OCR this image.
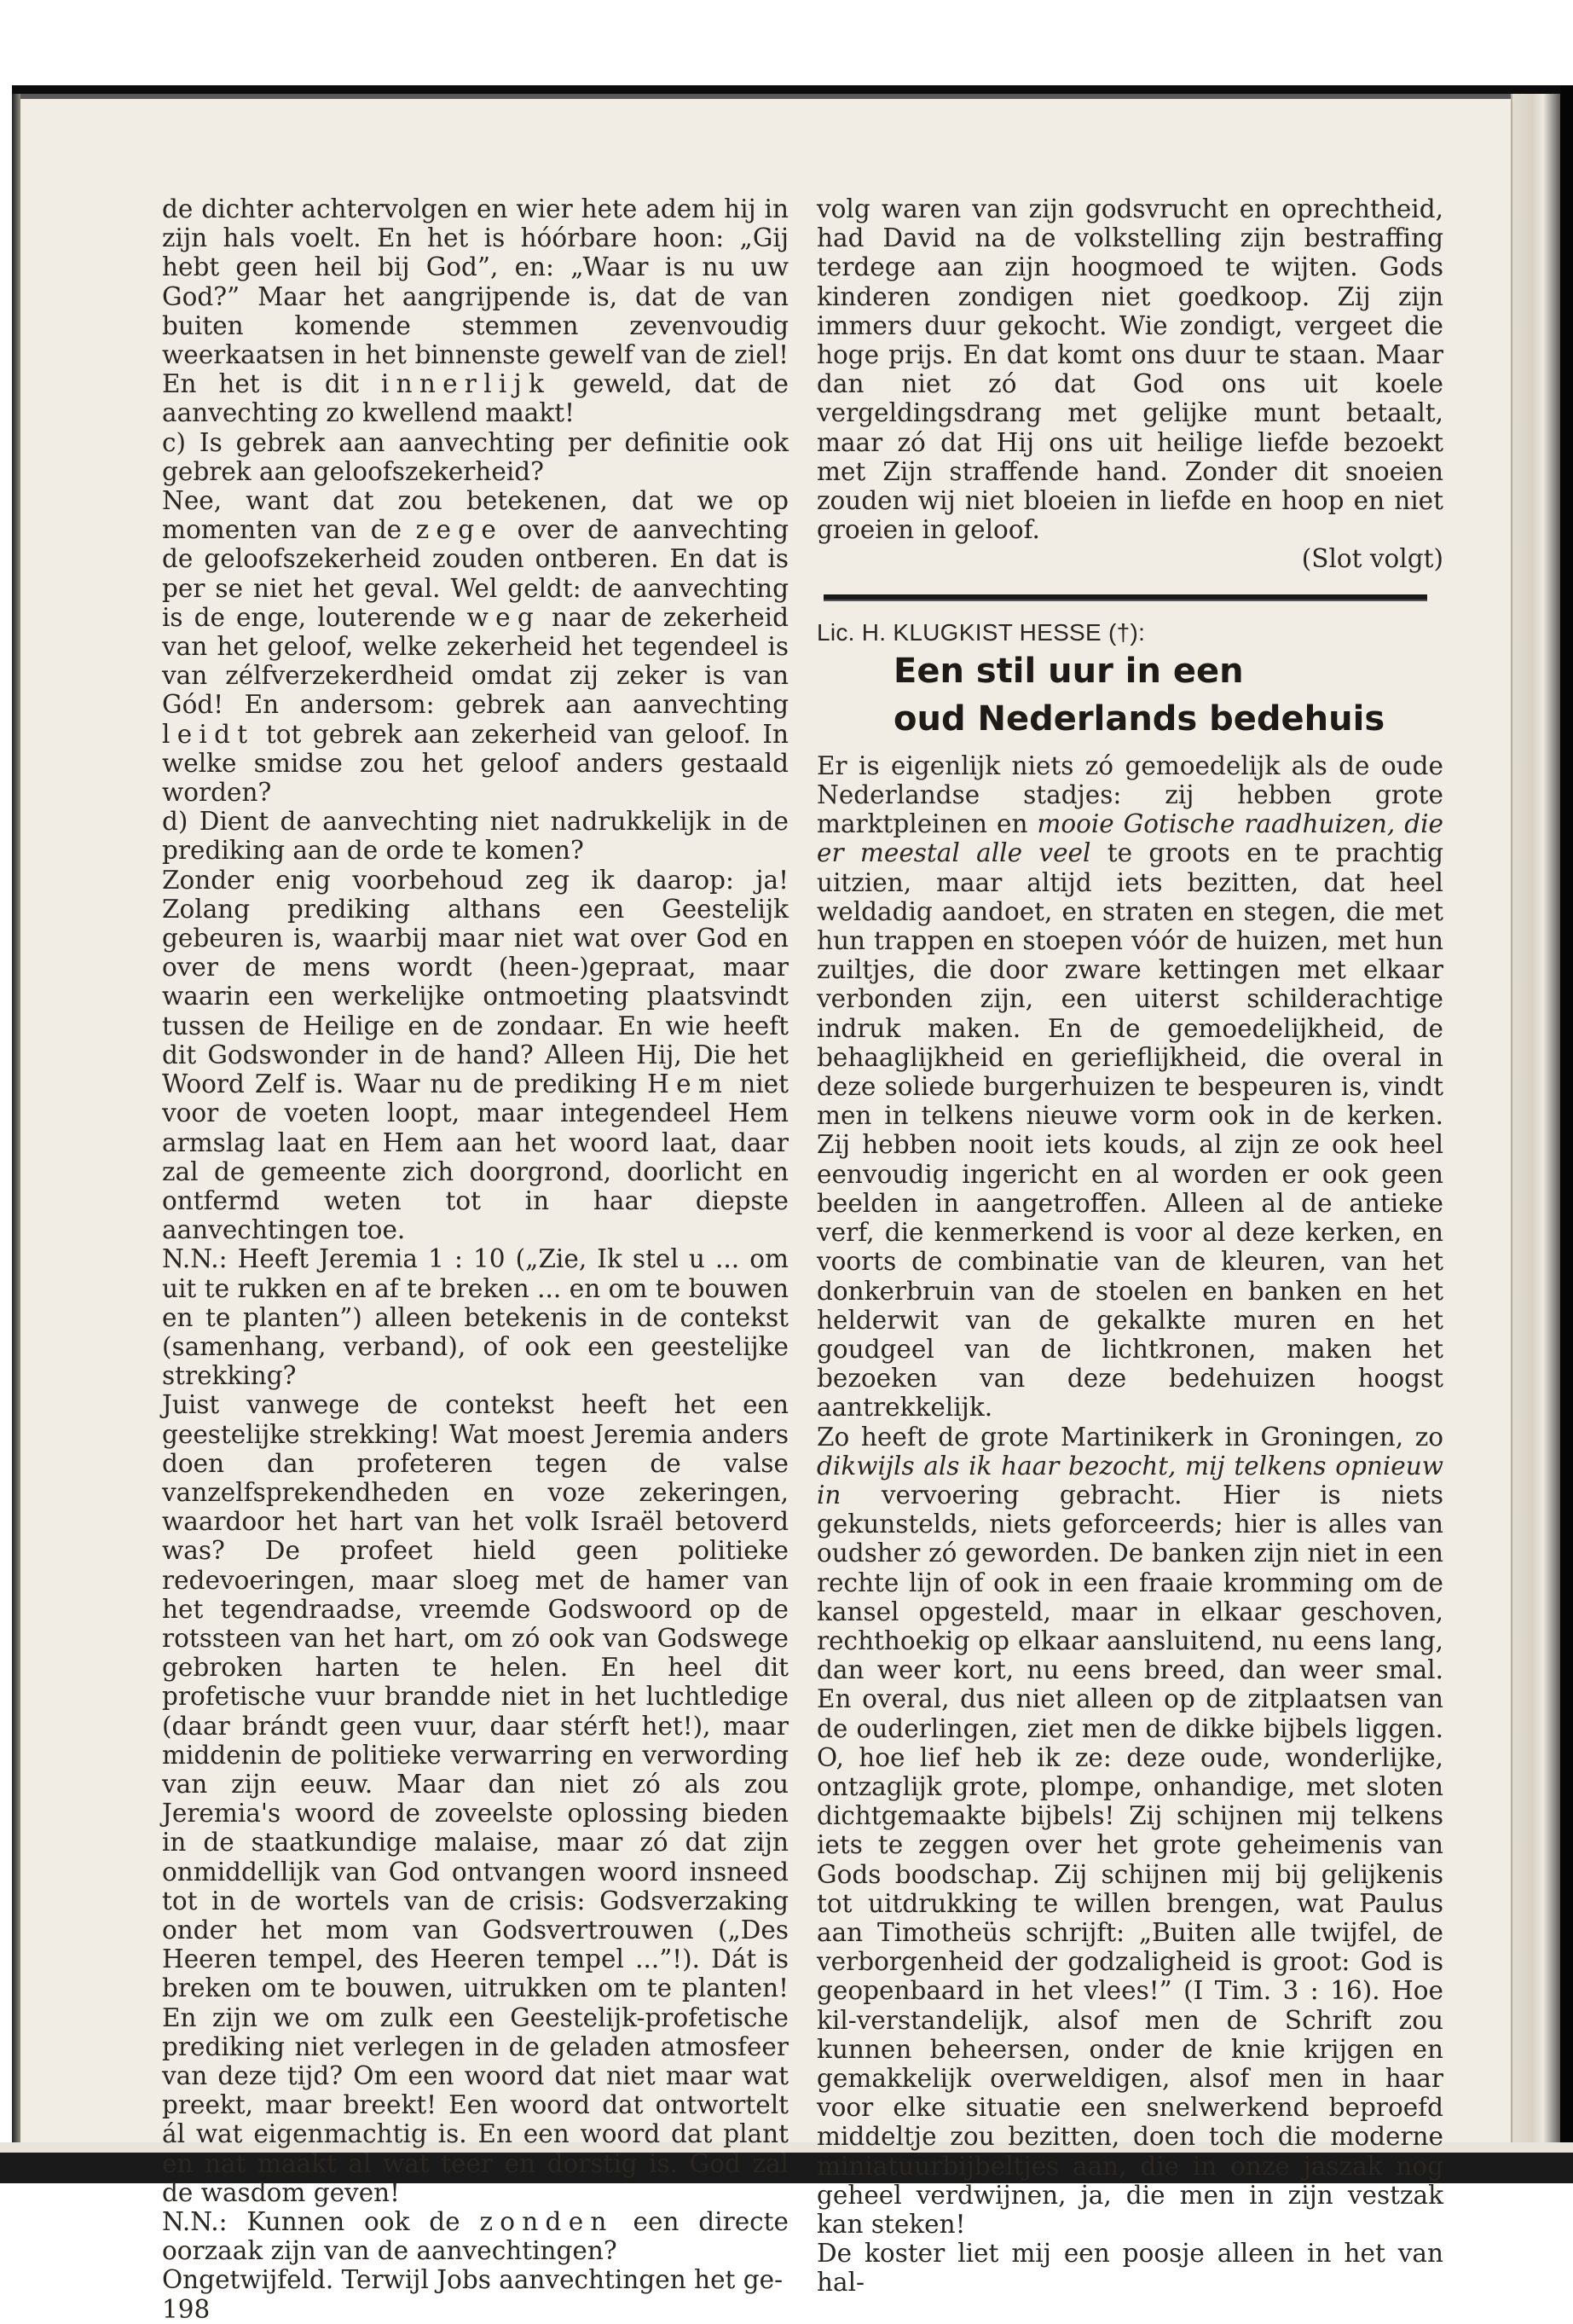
de dichter achtervolgen en wier hete adem hij in zijn hals voelt. En het is hóórbare hoon: „Gij hebt geen heil bij God”, en: „Waar is nu uw God?” Maar het aangrijpende is, dat de van buiten komende stemmen zevenvoudig weerkaatsen in het binnenste gewelf van de ziel! En het is dit innerlijk geweld, dat de aanvechting zo kwellend maakt!

c) Is gebrek aan aanvechting per definitie ook gebrek aan geloofszekerheid?

Nee, want dat zou betekenen, dat we op momenten van de zege over de aanvechting de geloofszekerheid zouden ontberen. En dat is per se niet het geval. Wel geldt: de aanvechting is de enge, louterende weg naar de zekerheid van het geloof, welke zekerheid het tegendeel is van zélfverzekerdheid omdat zij zeker is van Gód! En andersom: gebrek aan aanvechting leidt tot gebrek aan zekerheid van geloof. In welke smidse zou het geloof anders gestaald worden?

d) Dient de aanvechting niet nadrukkelijk in de prediking aan de orde te komen?

Zonder enig voorbehoud zeg ik daarop: ja! Zolang prediking althans een Geestelijk gebeuren is, waarbij maar niet wat over God en over de mens wordt (heen-)gepraat, maar waarin een werkelijke ontmoeting plaatsvindt tussen de Heilige en de zondaar. En wie heeft dit Godswonder in de hand? Alleen Hij, Die het Woord Zelf is. Waar nu de prediking Hem niet voor de voeten loopt, maar integendeel Hem armslag laat en Hem aan het woord laat, daar zal de gemeente zich doorgrond, doorlicht en ontfermd weten tot in haar diepste aanvechtingen toe.

N.N.: Heeft Jeremia 1 : 10 („Zie, Ik stel u ... om uit te rukken en af te breken ... en om te bouwen en te planten”) alleen betekenis in de contekst (samenhang, verband), of ook een geestelijke strekking?

Juist vanwege de contekst heeft het een geestelijke strekking! Wat moest Jeremia anders doen dan profeteren tegen de valse vanzelfsprekendheden en voze zekeringen, waardoor het hart van het volk Israël betoverd was? De profeet hield geen politieke redevoeringen, maar sloeg met de hamer van het tegendraadse, vreemde Godswoord op de rotssteen van het hart, om zó ook van Godswege gebroken harten te helen. En heel dit profetische vuur brandde niet in het luchtledige (daar brándt geen vuur, daar stérft het!), maar middenin de politieke verwarring en verwording van zijn eeuw. Maar dan niet zó als zou Jeremia's woord de zoveelste oplossing bieden in de staatkundige malaise, maar zó dat zijn onmiddellijk van God ontvangen woord insneed tot in de wortels van de crisis: Godsverzaking onder het mom van Godsvertrouwen („Des Heeren tempel, des Heeren tempel ...”!). Dát is breken om te bouwen, uitrukken om te planten! En zijn we om zulk een Geestelijk-profetische prediking niet verlegen in de geladen atmosfeer van deze tijd? Om een woord dat niet maar wat preekt, maar breekt! Een woord dat ontwortelt ál wat eigenmachtig is. En een woord dat plant en nat maakt al wat teer en dorstig is. God zal de wasdom geven!

N.N.: Kunnen ook de zonden een directe oorzaak zijn van de aanvechtingen?

Ongetwijfeld. Terwijl Jobs aanvechtingen het ge-

198

volg waren van zijn godsvrucht en oprechtheid, had David na de volkstelling zijn bestraffing terdege aan zijn hoogmoed te wijten. Gods kinderen zondigen niet goedkoop. Zij zijn immers duur gekocht. Wie zondigt, vergeet die hoge prijs. En dat komt ons duur te staan. Maar dan niet zó dat God ons uit koele vergeldingsdrang met gelijke munt betaalt, maar zó dat Hij ons uit heilige liefde bezoekt met Zijn straffende hand. Zonder dit snoeien zouden wij niet bloeien in liefde en hoop en niet groeien in geloof.

(Slot volgt)

Lic. H. KLUGKIST HESSE (†):

Een stil uur in een
oud Nederlands bedehuis

Er is eigenlijk niets zó gemoedelijk als de oude Nederlandse stadjes: zij hebben grote marktpleinen en mooie Gotische raadhuizen, die er meestal alle veel te groots en te prachtig uitzien, maar altijd iets bezitten, dat heel weldadig aandoet, en straten en stegen, die met hun trappen en stoepen vóór de huizen, met hun zuiltjes, die door zware kettingen met elkaar verbonden zijn, een uiterst schilderachtige indruk maken. En de gemoedelijkheid, de behaaglijkheid en gerieflijkheid, die overal in deze soliede burgerhuizen te bespeuren is, vindt men in telkens nieuwe vorm ook in de kerken. Zij hebben nooit iets kouds, al zijn ze ook heel eenvoudig ingericht en al worden er ook geen beelden in aangetroffen. Alleen al de antieke verf, die kenmerkend is voor al deze kerken, en voorts de combinatie van de kleuren, van het donkerbruin van de stoelen en banken en het helderwit van de gekalkte muren en het goudgeel van de lichtkronen, maken het bezoeken van deze bedehuizen hoogst aantrekkelijk.

Zo heeft de grote Martinikerk in Groningen, zo dikwijls als ik haar bezocht, mij telkens opnieuw in vervoering gebracht. Hier is niets gekunstelds, niets geforceerds; hier is alles van oudsher zó geworden. De banken zijn niet in een rechte lijn of ook in een fraaie kromming om de kansel opgesteld, maar in elkaar geschoven, rechthoekig op elkaar aansluitend, nu eens lang, dan weer kort, nu eens breed, dan weer smal. En overal, dus niet alleen op de zitplaatsen van de ouderlingen, ziet men de dikke bijbels liggen. O, hoe lief heb ik ze: deze oude, wonderlijke, ontzaglijk grote, plompe, onhandige, met sloten dichtgemaakte bijbels! Zij schijnen mij telkens iets te zeggen over het grote geheimenis van Gods boodschap. Zij schijnen mij bij gelijkenis tot uitdrukking te willen brengen, wat Paulus aan Timotheüs schrijft: „Buiten alle twijfel, de verborgenheid der godzaligheid is groot: God is geopenbaard in het vlees!” (I Tim. 3 : 16). Hoe kil-verstandelijk, alsof men de Schrift zou kunnen beheersen, onder de knie krijgen en gemakkelijk overweldigen, alsof men in haar voor elke situatie een snelwerkend beproefd middeltje zou bezitten, doen toch die moderne miniatuurbijbeltjes aan, die in onze jaszak nog geheel verdwijnen, ja, die men in zijn vestzak kan steken!

De koster liet mij een poosje alleen in het van hal-
